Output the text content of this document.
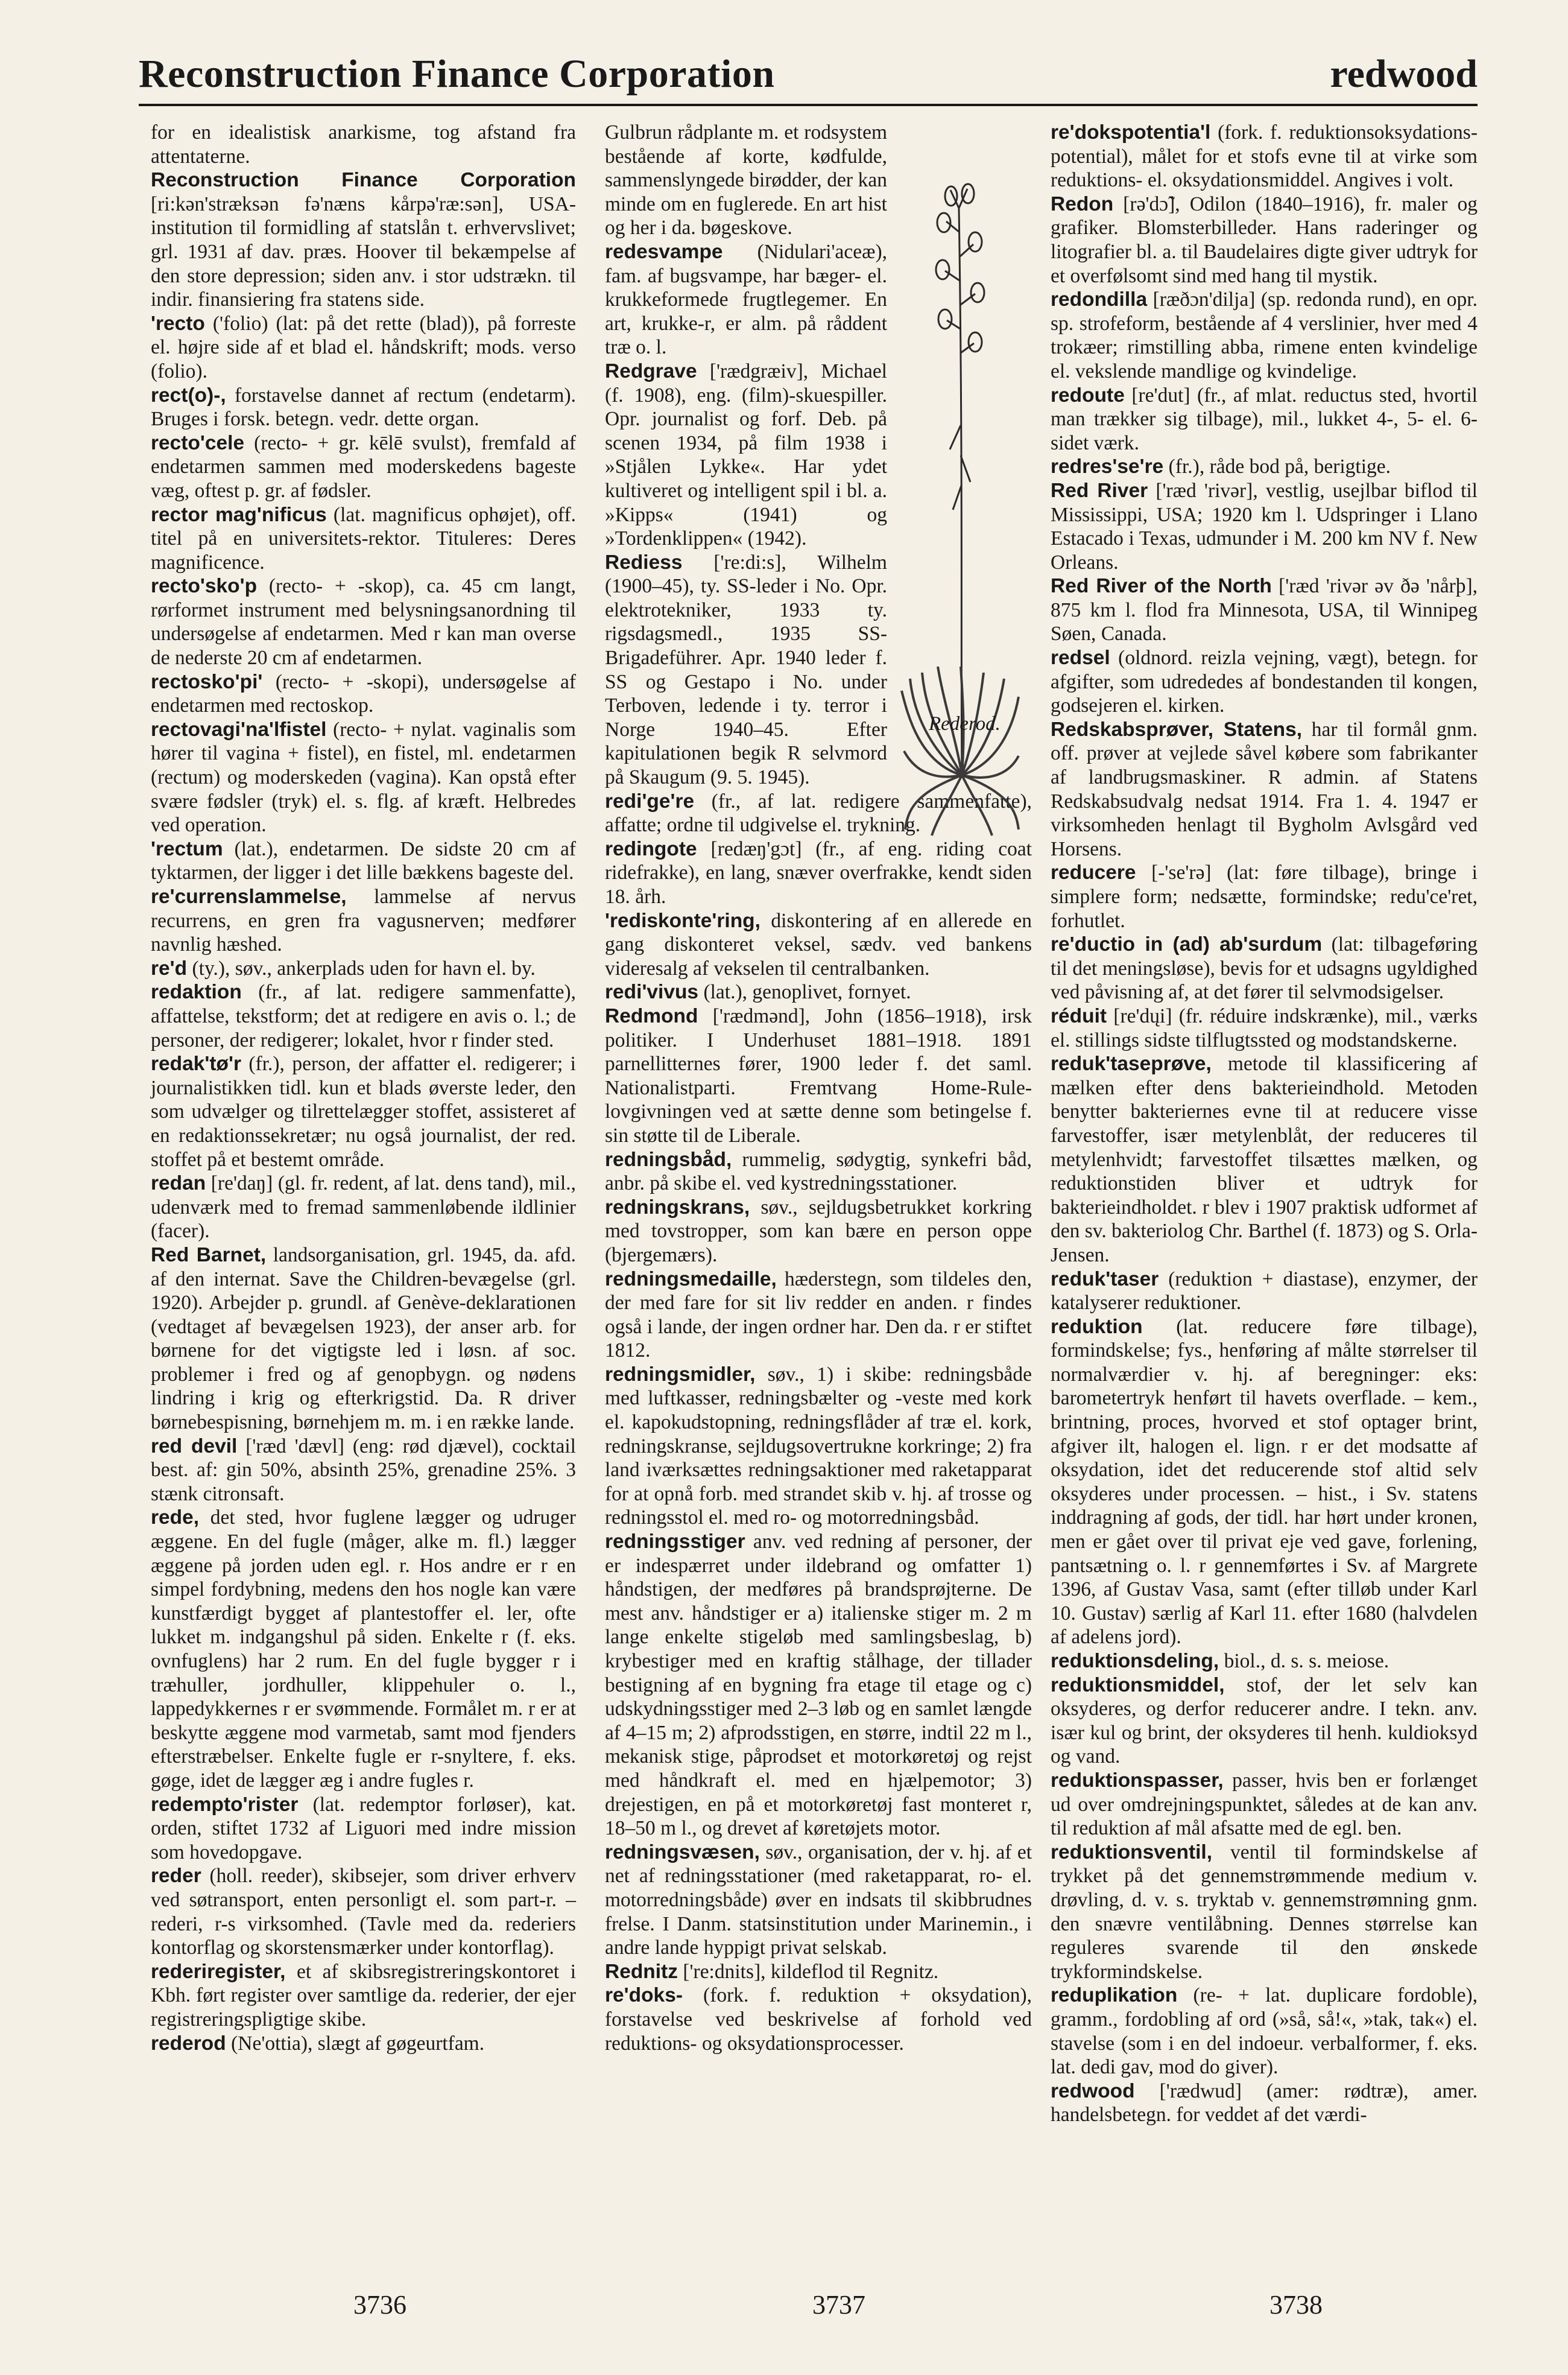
Reconstruction Finance Corporation	redwood
for en idealistisk anarkisme, tog afstand fra attentaterne.
Reconstruction Finance Corporation [ri:kən'stræksən fə'næns kårpə'ræ:sən], USA-institution til formidling af statslån t. erhvervslivet; grl. 1931 af dav. præs. Hoover til bekæmpelse af den store depression; siden anv. i stor udstrækn. til indir. finansiering fra statens side.
'recto ('folio) (lat: på det rette (blad)), på forreste el. højre side af et blad el. håndskrift; mods. verso (folio).
rect(o)-, forstavelse dannet af rectum (endetarm). Bruges i forsk. betegn. vedr. dette organ.
recto'cele (recto- + gr. kēlē svulst), fremfald af endetarmen sammen med moderskedens bageste væg, oftest p. gr. af fødsler.
rector mag'nificus (lat. magnificus ophøjet), off. titel på en universitets-rektor. Tituleres: Deres magnificence.
recto'sko'p (recto- + -skop), ca. 45 cm langt, rørformet instrument med belysningsanordning til undersøgelse af endetarmen. Med r kan man overse de nederste 20 cm af endetarmen.
rectosko'pi' (recto- + -skopi), undersøgelse af endetarmen med rectoskop.
rectovagi'na'lfistel (recto- + nylat. vaginalis som hører til vagina + fistel), en fistel, ml. endetarmen (rectum) og moderskeden (vagina). Kan opstå efter svære fødsler (tryk) el. s. flg. af kræft. Helbredes ved operation.
'rectum (lat.), endetarmen. De sidste 20 cm af tyktarmen, der ligger i det lille bækkens bageste del.
re'currenslammelse, lammelse af nervus recurrens, en gren fra vagusnerven; medfører navnlig hæshed.
re'd (ty.), søv., ankerplads uden for havn el. by.
redaktion (fr., af lat. redigere sammenfatte), affattelse, tekstform; det at redigere en avis o. l.; de personer, der redigerer; lokalet, hvor r finder sted.
redak'tø'r (fr.), person, der affatter el. redigerer; i journalistikken tidl. kun et blads øverste leder, den som udvælger og tilrettelægger stoffet, assisteret af en redaktionssekretær; nu også journalist, der red. stoffet på et bestemt område.
redan [re'daŋ] (gl. fr. redent, af lat. dens tand), mil., udenværk med to fremad sammenløbende ildlinier (facer).
Red Barnet, landsorganisation, grl. 1945, da. afd. af den internat. Save the Children-bevægelse (grl. 1920). Arbejder p. grundl. af Genève-deklarationen (vedtaget af bevægelsen 1923), der anser arb. for børnene for det vigtigste led i løsn. af soc. problemer i fred og af genopbygn. og nødens lindring i krig og efterkrigstid. Da. R driver børnebespisning, børnehjem m. m. i en række lande.
red devil ['ræd 'dævl] (eng: rød djævel), cocktail best. af: gin 50%, absinth 25%, grenadine 25%. 3 stænk citronsaft.
rede, det sted, hvor fuglene lægger og udruger æggene. En del fugle (måger, alke m. fl.) lægger æggene på jorden uden egl. r. Hos andre er r en simpel fordybning, medens den hos nogle kan være kunstfærdigt bygget af plantestoffer el. ler, ofte lukket m. indgangshul på siden. Enkelte r (f. eks. ovnfuglens) har 2 rum. En del fugle bygger r i træhuller, jordhuller, klippehuler o. l., lappedykkernes r er svømmende. Formålet m. r er at beskytte æggene mod varmetab, samt mod fjenders efterstræbelser. Enkelte fugle er r-snyltere, f. eks. gøge, idet de lægger æg i andre fugles r.
redempto'rister (lat. redemptor forløser), kat. orden, stiftet 1732 af Liguori med indre mission som hovedopgave.
reder (holl. reeder), skibsejer, som driver erhverv ved søtransport, enten personligt el. som part-r. – rederi, r-s virksomhed. (Tavle med da. rederiers kontorflag og skorstensmærker under kontorflag).
rederiregister, et af skibsregistreringskontoret i Kbh. ført register over samtlige da. rederier, der ejer registreringspligtige skibe.
rederod (Ne'ottia), slægt af gøgeurtfam.
Gulbrun rådplante m. et rodsystem bestående af korte, kødfulde, sammenslyngede birødder, der kan minde om en fuglerede. En art hist og her i da. bøgeskove.
redesvampe (Nidulari'aceæ), fam. af bugsvampe, har bæger- el. krukkeformede frugtlegemer. En art, krukke-r, er alm. på råddent træ o. l.
Redgrave ['rædgræiv], Michael (f. 1908), eng. (film)-skuespiller. Opr. journalist og forf. Deb. på scenen 1934, på film 1938 i »Stjålen Lykke«. Har ydet kultiveret og intelligent spil i bl. a. »Kipps« (1941) og »Tordenklippen« (1942).
Rediess ['re:di:s], Wilhelm (1900–45), ty. SS-leder i No. Opr. elektrotekniker, 1933 ty. rigsdagsmedl., 1935 SS-Brigadeführer. Apr. 1940 leder f. SS og Gestapo i No. under Terboven, ledende i ty. terror i Norge 1940–45. Efter kapitulationen begik R selvmord på Skaugum (9. 5. 1945).
redi'ge're (fr., af lat. redigere sammenfatte), affatte; ordne til udgivelse el. trykning.
redingote [redæŋ'gɔt] (fr., af eng. riding coat ridefrakke), en lang, snæver overfrakke, kendt siden 18. årh.
'rediskonte'ring, diskontering af en allerede en gang diskonteret veksel, sædv. ved bankens videresalg af vekselen til centralbanken.
redi'vivus (lat.), genoplivet, fornyet.
Redmond ['rædmənd], John (1856–1918), irsk politiker. I Underhuset 1881–1918. 1891 parnellitternes fører, 1900 leder f. det saml. Nationalistparti. Fremtvang Home-Rule-lovgivningen ved at sætte denne som betingelse f. sin støtte til de Liberale.
redningsbåd, rummelig, sødygtig, synkefri båd, anbr. på skibe el. ved kystredningsstationer.
redningskrans, søv., sejldugsbetrukket korkring med tovstropper, som kan bære en person oppe (bjergemærs).
redningsmedaille, hæderstegn, som tildeles den, der med fare for sit liv redder en anden. r findes også i lande, der ingen ordner har. Den da. r er stiftet 1812.
redningsmidler, søv., 1) i skibe: redningsbåde med luftkasser, redningsbælter og -veste med kork el. kapokudstopning, redningsflåder af træ el. kork, redningskranse, sejldugsovertrukne korkringe; 2) fra land iværksættes redningsaktioner med raketapparat for at opnå forb. med strandet skib v. hj. af trosse og redningsstol el. med ro- og motorredningsbåd.
redningsstiger anv. ved redning af personer, der er indespærret under ildebrand og omfatter 1) håndstigen, der medføres på brandsprøjterne. De mest anv. håndstiger er a) italienske stiger m. 2 m lange enkelte stigeløb med samlingsbeslag, b) krybestiger med en kraftig stålhage, der tillader bestigning af en bygning fra etage til etage og c) udskydningsstiger med 2–3 løb og en samlet længde af 4–15 m; 2) afprodsstigen, en større, indtil 22 m l., mekanisk stige, påprodset et motorkøretøj og rejst med håndkraft el. med en hjælpemotor; 3) drejestigen, en på et motorkøretøj fast monteret r, 18–50 m l., og drevet af køretøjets motor.
redningsvæsen, søv., organisation, der v. hj. af et net af redningsstationer (med raketapparat, ro- el. motorredningsbåde) øver en indsats til skibbrudnes frelse. I Danm. statsinstitution under Marinemin., i andre lande hyppigt privat selskab.
Rednitz ['re:dnits], kildeflod til Regnitz.
re'doks- (fork. f. reduktion + oksydation), forstavelse ved beskrivelse af forhold ved reduktions- og oksydationsprocesser.
re'dokspotentia'l (fork. f. reduktionsoksydations-potential), målet for et stofs evne til at virke som reduktions- el. oksydationsmiddel. Angives i volt.
Redon [rə'dɔ̃], Odilon (1840–1916), fr. maler og grafiker. Blomsterbilleder. Hans raderinger og litografier bl. a. til Baudelaires digte giver udtryk for et overfølsomt sind med hang til mystik.
redondilla [ræðɔn'dilja] (sp. redonda rund), en opr. sp. strofeform, bestående af 4 verslinier, hver med 4 trokæer; rimstilling abba, rimene enten kvindelige el. vekslende mandlige og kvindelige.
redoute [re'dut] (fr., af mlat. reductus sted, hvortil man trækker sig tilbage), mil., lukket 4-, 5- el. 6-sidet værk.
redres'se're (fr.), råde bod på, berigtige.
Red River ['ræd 'rivər], vestlig, usejlbar biflod til Mississippi, USA; 1920 km l. Udspringer i Llano Estacado i Texas, udmunder i M. 200 km NV f. New Orleans.
Red River of the North ['ræd 'rivər əv ðə 'nårþ], 875 km l. flod fra Minnesota, USA, til Winnipeg Søen, Canada.
redsel (oldnord. reizla vejning, vægt), betegn. for afgifter, som udrededes af bondestanden til kongen, godsejeren el. kirken.
Redskabsprøver, Statens, har til formål gnm. off. prøver at vejlede såvel købere som fabrikanter af landbrugsmaskiner. R admin. af Statens Redskabsudvalg nedsat 1914. Fra 1. 4. 1947 er virksomheden henlagt til Bygholm Avlsgård ved Horsens.
reducere [-'se'rə] (lat: føre tilbage), bringe i simplere form; nedsætte, formindske; redu'ce'ret, forhutlet.
re'ductio in (ad) ab'surdum (lat: tilbageføring til det meningsløse), bevis for et udsagns ugyldighed ved påvisning af, at det fører til selvmodsigelser.
réduit [re'dųi] (fr. réduire indskrænke), mil., værks el. stillings sidste tilflugtssted og modstandskerne.
reduk'taseprøve, metode til klassificering af mælken efter dens bakterieindhold. Metoden benytter bakteriernes evne til at reducere visse farvestoffer, især metylenblåt, der reduceres til metylenhvidt; farvestoffet tilsættes mælken, og reduktionstiden bliver et udtryk for bakterieindholdet. r blev i 1907 praktisk udformet af den sv. bakteriolog Chr. Barthel (f. 1873) og S. Orla-Jensen.
reduk'taser (reduktion + diastase), enzymer, der katalyserer reduktioner.
reduktion (lat. reducere føre tilbage), formindskelse; fys., henføring af målte størrelser til normalværdier v. hj. af beregninger: eks: barometertryk henført til havets overflade. – kem., brintning, proces, hvorved et stof optager brint, afgiver ilt, halogen el. lign. r er det modsatte af oksydation, idet det reducerende stof altid selv oksyderes under processen. – hist., i Sv. statens inddragning af gods, der tidl. har hørt under kronen, men er gået over til privat eje ved gave, forlening, pantsætning o. l. r gennemførtes i Sv. af Margrete 1396, af Gustav Vasa, samt (efter tilløb under Karl 10. Gustav) særlig af Karl 11. efter 1680 (halvdelen af adelens jord).
reduktionsdeling, biol., d. s. s. meiose.
reduktionsmiddel, stof, der let selv kan oksyderes, og derfor reducerer andre. I tekn. anv. især kul og brint, der oksyderes til henh. kuldioksyd og vand.
reduktionspasser, passer, hvis ben er forlænget ud over omdrejningspunktet, således at de kan anv. til reduktion af mål afsatte med de egl. ben.
reduktionsventil, ventil til formindskelse af trykket på det gennemstrømmende medium v. drøvling, d. v. s. tryktab v. gennemstrømning gnm. den snævre ventilåbning. Dennes størrelse kan reguleres svarende til den ønskede trykformindskelse.
reduplikation (re- + lat. duplicare fordoble), gramm., fordobling af ord (»så, så!«, »tak, tak«) el. stavelse (som i en del indoeur. verbalformer, f. eks. lat. dedi gav, mod do giver).
redwood ['rædwud] (amer: rødtræ), amer. handelsbetegn. for veddet af det værdi-
Rederod.
3736	3737	3738
